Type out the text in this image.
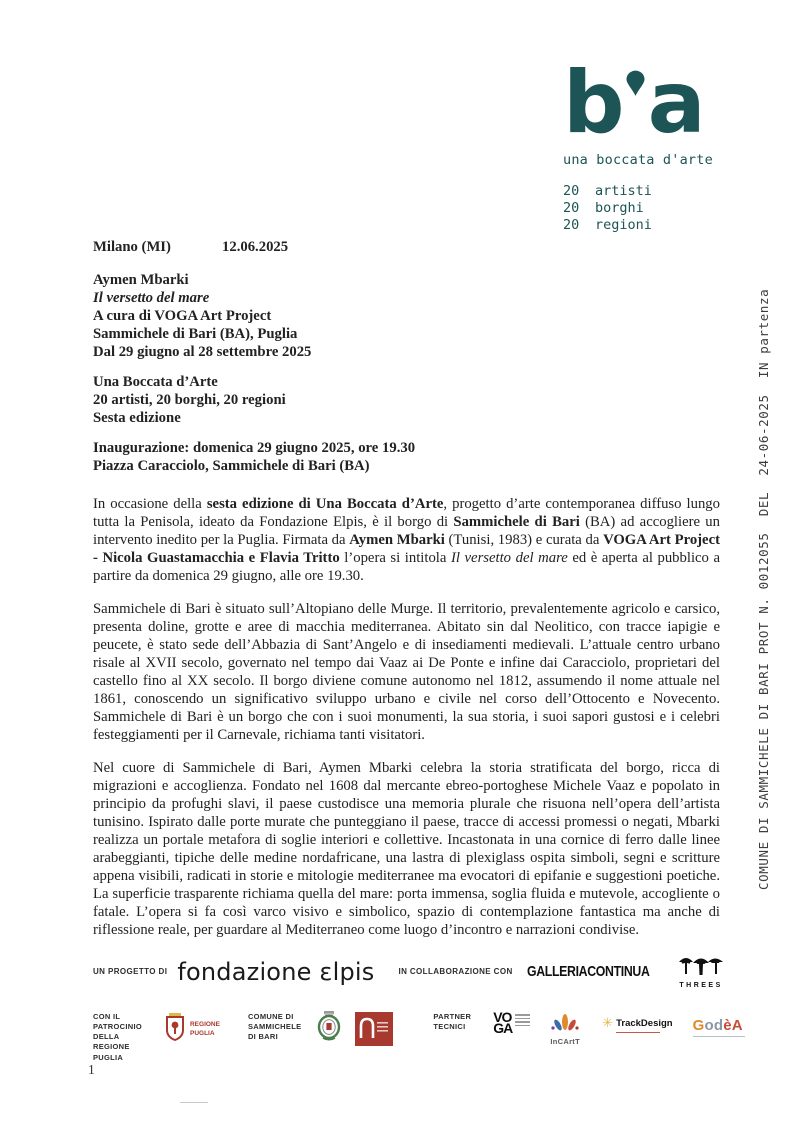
COMUNE DI SAMMICHELE DI BARI PROT N. 0012055  DEL  24-06-2025  IN partenza
b a
una boccata d'arte
20	artisti
20	borghi
20	regioni
Milano (MI)	12.06.2025
Aymen Mbarki
Il versetto del mare
A cura di VOGA Art Project
Sammichele di Bari (BA), Puglia
Dal 29 giugno al 28 settembre 2025
Una Boccata d’Arte
20 artisti, 20 borghi, 20 regioni
Sesta edizione
Inaugurazione: domenica 29 giugno 2025, ore 19.30
Piazza Caracciolo, Sammichele di Bari (BA)
In occasione della sesta edizione di Una Boccata d’Arte, progetto d’arte contemporanea diffuso lungo tutta la Penisola, ideato da Fondazione Elpis, è il borgo di Sammichele di Bari (BA) ad accogliere un intervento inedito per la Puglia. Firmata da Aymen Mbarki (Tunisi, 1983) e curata da VOGA Art Project - Nicola Guastamacchia e Flavia Tritto l’opera si intitola Il versetto del mare ed è aperta al pubblico a partire da domenica 29 giugno, alle ore 19.30.
Sammichele di Bari è situato sull’Altopiano delle Murge. Il territorio, prevalentemente agricolo e carsico, presenta doline, grotte e aree di macchia mediterranea. Abitato sin dal Neolitico, con tracce iapigie e peucete, è stato sede dell’Abbazia di Sant’Angelo e di insediamenti medievali. L’attuale centro urbano risale al XVII secolo, governato nel tempo dai Vaaz ai De Ponte e infine dai Caracciolo, proprietari del castello fino al XX secolo. Il borgo diviene comune autonomo nel 1812, assumendo il nome attuale nel 1861, conoscendo un significativo sviluppo urbano e civile nel corso dell’Ottocento e Novecento. Sammichele di Bari è un borgo che con i suoi monumenti, la sua storia, i suoi sapori gustosi e i celebri festeggiamenti per il Carnevale, richiama tanti visitatori.
Nel cuore di Sammichele di Bari, Aymen Mbarki celebra la storia stratificata del borgo, ricca di migrazioni e accoglienza. Fondato nel 1608 dal mercante ebreo-portoghese Michele Vaaz e popolato in principio da profughi slavi, il paese custodisce una memoria plurale che risuona nell’opera dell’artista tunisino. Ispirato dalle porte murate che punteggiano il paese, tracce di accessi promessi o negati, Mbarki realizza un portale metafora di soglie interiori e collettive. Incastonata in una cornice di ferro dalle linee arabeggianti, tipiche delle medine nordafricane, una lastra di plexiglass ospita simboli, segni e scritture appena visibili, radicati in storie e mitologie mediterranee ma evocatori di epifanie e suggestioni poetiche. La superficie trasparente richiama quella del mare: porta immensa, soglia fluida e mutevole, accogliente o fatale. L’opera si fa così varco visivo e simbolico, spazio di contemplazione fantastica ma anche di riflessione reale, per guardare al Mediterraneo come luogo d’incontro e narrazioni condivise.
UN PROGETTO DI fondazione εlpis	IN COLLABORAZIONE CON GALLERIACONTINUA
THREES
CON IL
PATROCINIO DELLA
REGIONE PUGLIA
REGIONE
PUGLIA
COMUNE DI
SAMMICHELE
DI BARI
PARTNER
TECNICI
VO
GA
InCArtT
✳ TrackDesign GodèA
1
